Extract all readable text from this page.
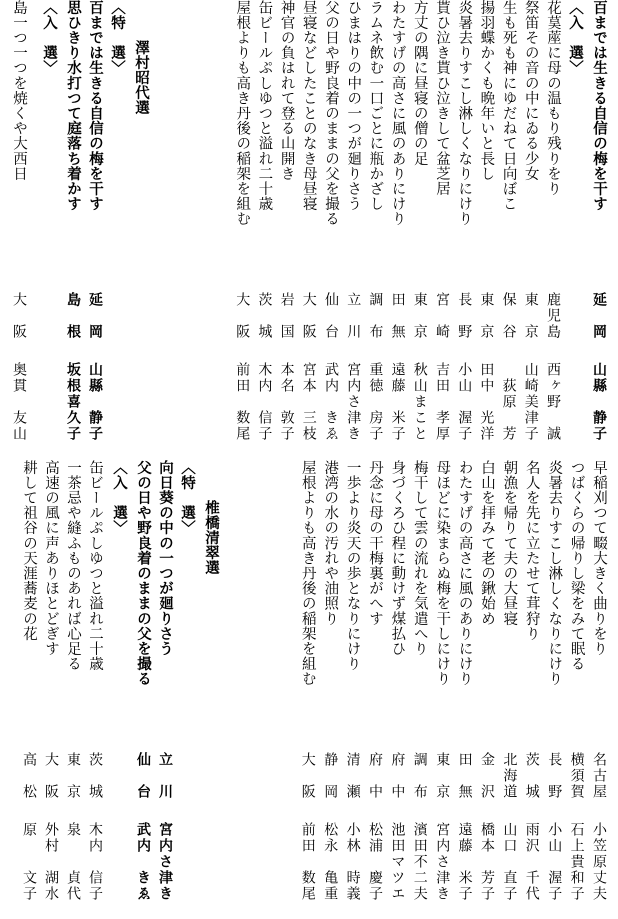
百までは生きる自信の梅を干す
〈入　選〉
花茣蓙に母の温もり残りをり
祭笛その音の中にゐる少女
生も死も神にゆだねて日向ぼこ
揚羽蝶かくも晩年いと長し
炎暑去りすこし淋しくなりにけり
貰ひ泣き貰ひ泣きして盆芝居
方丈の隅に昼寝の僧の足
わたすげの高さに風のありにけり
ラムネ飲む一口ごとに瓶かざし
ひまはりの中の一つが廻りさう
父の日や野良着のままの父を撮る
昼寝などしたことのなき母昼寝
神官の負はれて登る山開き
缶ビールぷしゆつと溢れ二十歳
屋根よりも高き丹後の稲架を組む
澤村昭代選
〈特　選〉
百までは生きる自信の梅を干す
思ひきり水打つて庭落ち着かす
〈入　選〉
島一つ一つを焼くや大西日
延　岡
山縣　静子
鹿児島
西ヶ野　誠
東　京
山崎美津子
保　谷
荻原　芳
東　京
田中　光洋
長　野
小山　渥子
宮　崎
吉田　孝厚
東　京
秋山まこと
田　無
遠藤　米子
調　布
重徳　房子
立　川
宮内さ津き
仙　台
武内　きゑ
大　阪
宮本　三枝
岩　国
本名　敦子
茨　城
木内　信子
大　阪
前田　数尾
延　岡
山縣　静子
島　根
坂根喜久子
大　阪
奥貫　友山
早稲刈つて畷大きく曲りをり
つばくらの帰りし梁をみて眠る
炎暑去りすこし淋しくなりにけり
名人を先に立たせて茸狩り
朝漁を帰りて夫の大昼寝
白山を拝みて老の鍬始め
わたすげの高さに風のありにけり
母ほどに染まらぬ梅を干しにけり
梅干して雲の流れを気遣へり
身づくろひ程に動けず煤払ひ
丹念に母の干梅裏がへす
一歩より炎天の歩となりにけり
港湾の水の汚れや油照り
屋根よりも高き丹後の稲架を組む
椎橋清翠選
〈特　選〉
向日葵の中の一つが廻りさう
父の日や野良着のままの父を撮る
〈入　選〉
缶ビールぷしゆつと溢れ二十歳
一茶忌や縫ふものあれば心足る
高速の風に声ありほとどぎす
耕して祖谷の天涯蕎麦の花
名古屋
小笠原丈夫
横須賀
石上貴和子
長　野
小山　渥子
茨　城
雨沢　千代
北海道
山口　直子
金　沢
橋本　芳子
田　無
遠藤　米子
東　京
宮内さ津き
調　布
濱田不二夫
府　中
池田マツエ
府　中
松浦　慶子
清　瀬
小林　時義
静　岡
松永　亀重
大　阪
前田　数尾
立　川
宮内さ津き
仙　台
武内　きゑ
茨　城
木内　信子
東　京
泉　　貞代
大　阪
外村　湖水
高　松
原　　文子
